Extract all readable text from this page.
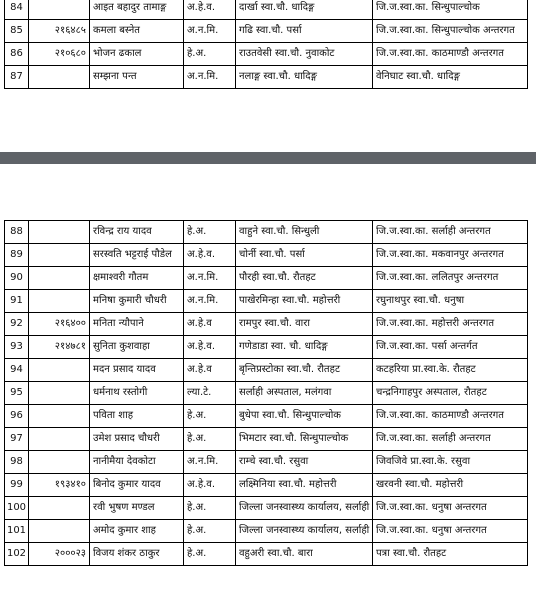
84		आइत बहादुर तामाङ्ग	अ.हे.व.	दार्खा स्वा.चौ. धादिङ्ग	जि.ज.स्वा.का. सिन्धुपाल्चोक
85	२१६४८५	कमला बस्नेत	अ.न.मि.	गढि स्वा.चौ. पर्सा	जि.ज.स्वा.का. सिन्धुपाल्चोक अन्तरगत
86	२१०६८०	भोजन ढकाल	हे.अ.	राउतवेसी स्वा.चौ. नुवाकोट	जि.ज.स्वा.का. काठमाण्डौ अन्तरगत
87		सम्झना पन्त	अ.न.मि.	नलाङ्ग स्वा.चौ. धादिङ्ग	वेनिघाट स्वा.चौ. धादिङ्ग
88		रविन्द्र राय यादव	हे.अ.	वाहुने स्वा.चौ. सिन्धुली	जि.ज.स्वा.का. सर्लाही अन्तरगत
89		सरस्वति भट्टराई पौडेल	अ.हे.व.	चोर्नी स्वा.चौ. पर्सा	जि.ज.स्वा.का. मकवानपुर अन्तरगत
90		क्षमाश्वरी गौतम	अ.न.मि.	पौरही स्वा.चौ. रौतहट	जि.ज.स्वा.का. ललितपुर अन्तरगत
91		मनिषा कुमारी चौधरी	अ.न.मि.	पाखेरमिन्हा स्वा.चौ. महोत्तरी	रघुनाथपुर स्वा.चौ. धनुषा
92	२१६४००	मनिता न्यौपाने	अ.हे.व	रामपुर स्वा.चौ. वारा	जि.ज.स्वा.का. महोत्तरी अन्तरगत
93	२१४७८१	सुनिता कुशवाहा	अ.हे.व.	गणेडाडा स्वा. चौ. धादिङ्ग	जि.ज.स्वा.का. पर्सा अन्तर्गत
94		मदन प्रसाद यादव	अ.हे.व	बृन्तिप्रस्टोका स्वा.चौ. रौतहट	कटहरिया प्रा.स्वा.के. रौतहट
95		धर्मनाथ रस्तोगी	ल्या.टे.	सर्लाही अस्पताल, मलंगवा	चन्द्रनिगाहपुर अस्पताल, रौतहट
96		पविता शाह	हे.अ.	बुधेपा स्वा.चौ. सिन्धुपाल्चोक	जि.ज.स्वा.का. काठमाण्डौ अन्तरगत
97		उमेश प्रसाद चौधरी	हे.अ.	भिमटार स्वा.चौ. सिन्धुपाल्चोक	जि.ज.स्वा.का. सर्लाही अन्तरगत
98		नानीमैया देवकोटा	अ.न.मि.	राम्चे स्वा.चौ. रसुवा	जिवजिवे प्रा.स्वा.के. रसुवा
99	१९३४१०	बिनोद कुमार यादव	अ.हे.व.	लक्ष्मिनिया स्वा.चौ. महोत्तरी	खरवनी स्वा.चौ. महोत्तरी
100		रवी भुषण मण्डल	हे.अ.	जिल्ला जनस्वास्थ्य कार्यालय, सर्लाही	जि.ज.स्वा.का. धनुषा अन्तरगत
101		अमोद कुमार शाह	हे.अ.	जिल्ला जनस्वास्थ्य कार्यालय, सर्लाही	जि.ज.स्वा.का. धनुषा अन्तरगत
102	२०००२३	विजय शंकर ठाकुर	हे.अ.	वहुअरी स्वा.चौ. बारा	पत्रा स्वा.चौ. रौतहट
